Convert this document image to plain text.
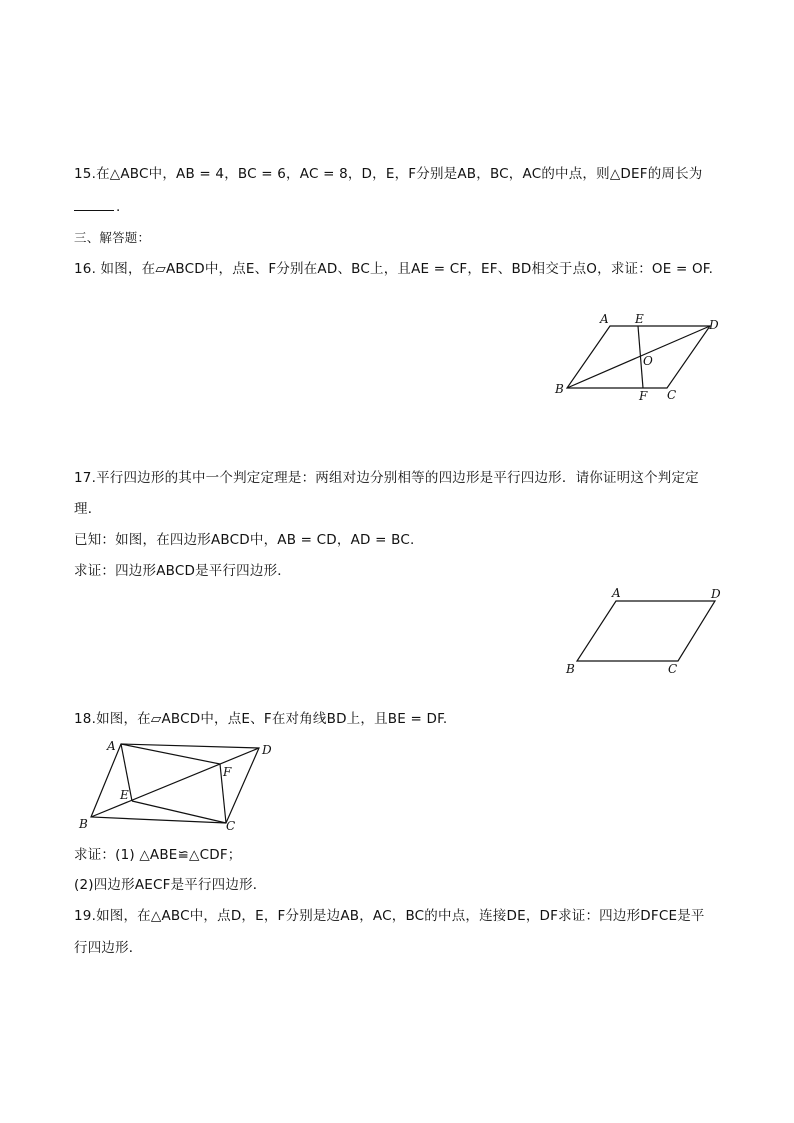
15.在△ABC中，AB = 4，BC = 6，AC = 8，D，E，F分别是AB，BC，AC的中点，则△DEF的周长为
.
三、解答题：
16. 如图，在▱ABCD中，点E、F分别在AD、BC上，且AE = CF，EF、BD相交于点O，求证：OE = OF.
A E	D
O
B	F C
17.平行四边形的其中一个判定定理是：两组对边分别相等的四边形是平行四边形．请你证明这个判定定
理．
已知：如图，在四边形ABCD中，AB = CD，AD = BC.
求证：四边形ABCD是平行四边形．
A	D
B	C
18.如图，在▱ABCD中，点E、F在对角线BD上，且BE = DF.
A	D
F
E
B	C
求证：(1) △ABE≌△CDF；
(2)四边形AECF是平行四边形．
19.如图，在△ABC中，点D，E，F分别是边AB，AC，BC的中点，连接DE，DF求证：四边形DFCE是平
行四边形．
